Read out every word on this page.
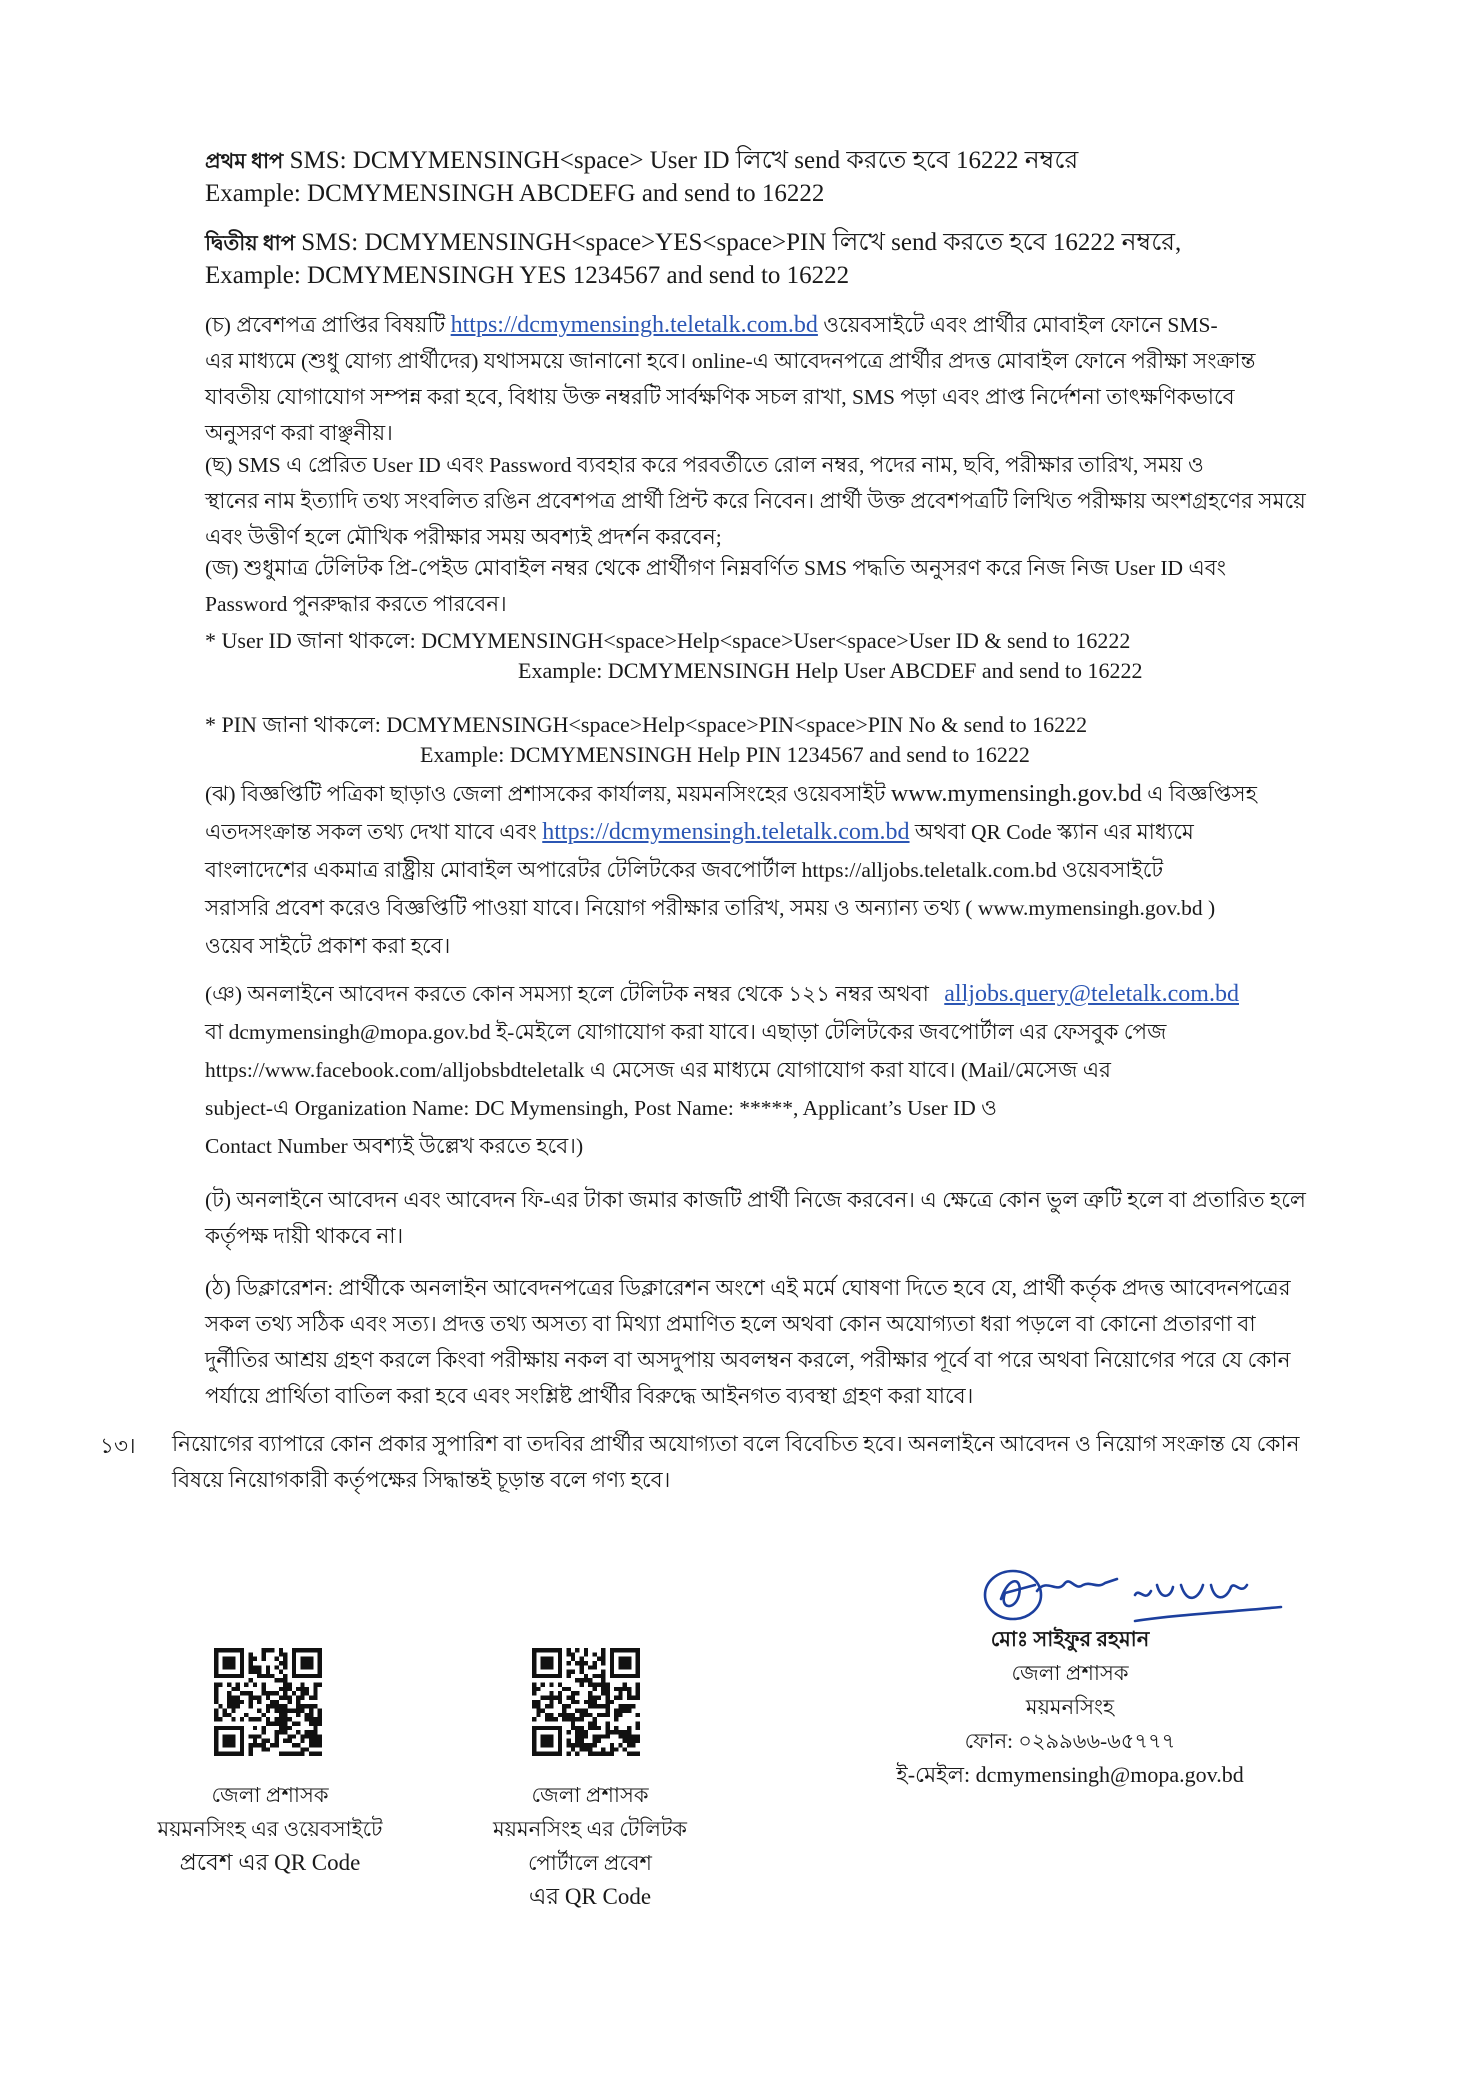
প্রথম ধাপ SMS: DCMYMENSINGH<space> User ID লিখে send করতে হবে 16222 নম্বরে
Example: DCMYMENSINGH ABCDEFG and send to 16222
দ্বিতীয় ধাপ SMS: DCMYMENSINGH<space>YES<space>PIN লিখে send করতে হবে 16222 নম্বরে,
Example: DCMYMENSINGH YES 1234567 and send to 16222
(চ) প্রবেশপত্র প্রাপ্তির বিষয়টি https://dcmymensingh.teletalk.com.bd ওয়েবসাইটে এবং প্রার্থীর মোবাইল ফোনে SMS-
এর মাধ্যমে (শুধু যোগ্য প্রার্থীদের) যথাসময়ে জানানো হবে। online-এ আবেদনপত্রে প্রার্থীর প্রদত্ত মোবাইল ফোনে পরীক্ষা সংক্রান্ত
যাবতীয় যোগাযোগ সম্পন্ন করা হবে, বিধায় উক্ত নম্বরটি সার্বক্ষণিক সচল রাখা, SMS পড়া এবং প্রাপ্ত নির্দেশনা তাৎক্ষণিকভাবে
অনুসরণ করা বাঞ্ছনীয়।
(ছ) SMS এ প্রেরিত User ID এবং Password ব্যবহার করে পরবর্তীতে রোল নম্বর, পদের নাম, ছবি, পরীক্ষার তারিখ, সময় ও
স্থানের নাম ইত্যাদি তথ্য সংবলিত রঙিন প্রবেশপত্র প্রার্থী প্রিন্ট করে নিবেন। প্রার্থী উক্ত প্রবেশপত্রটি লিখিত পরীক্ষায় অংশগ্রহণের সময়ে
এবং উত্তীর্ণ হলে মৌখিক পরীক্ষার সময় অবশ্যই প্রদর্শন করবেন;
(জ) শুধুমাত্র টেলিটক প্রি-পেইড মোবাইল নম্বর থেকে প্রার্থীগণ নিম্নবর্ণিত SMS পদ্ধতি অনুসরণ করে নিজ নিজ User ID এবং
Password পুনরুদ্ধার করতে পারবেন।
* User ID জানা থাকলে: DCMYMENSINGH<space>Help<space>User<space>User ID & send to 16222
Example: DCMYMENSINGH Help User ABCDEF and send to 16222
* PIN জানা থাকলে: DCMYMENSINGH<space>Help<space>PIN<space>PIN No & send to 16222
Example: DCMYMENSINGH Help PIN 1234567 and send to 16222
(ঝ) বিজ্ঞপ্তিটি পত্রিকা ছাড়াও জেলা প্রশাসকের কার্যালয়, ময়মনসিংহের ওয়েবসাইট www.mymensingh.gov.bd এ বিজ্ঞপ্তিসহ
এতদসংক্রান্ত সকল তথ্য দেখা যাবে এবং https://dcmymensingh.teletalk.com.bd অথবা QR Code স্ক্যান এর মাধ্যমে
বাংলাদেশের একমাত্র রাষ্ট্রীয় মোবাইল অপারেটর টেলিটকের জবপোর্টাল https://alljobs.teletalk.com.bd ওয়েবসাইটে
সরাসরি প্রবেশ করেও বিজ্ঞপ্তিটি পাওয়া যাবে। নিয়োগ পরীক্ষার তারিখ, সময় ও অন্যান্য তথ্য ( www.mymensingh.gov.bd )
ওয়েব সাইটে প্রকাশ করা হবে।
(ঞ) অনলাইনে আবেদন করতে কোন সমস্যা হলে টেলিটক নম্বর থেকে ১২১ নম্বর অথবা alljobs.query@teletalk.com.bd
বা dcmymensingh@mopa.gov.bd ই-মেইলে যোগাযোগ করা যাবে। এছাড়া টেলিটকের জবপোর্টাল এর ফেসবুক পেজ
https://www.facebook.com/alljobsbdteletalk এ মেসেজ এর মাধ্যমে যোগাযোগ করা যাবে। (Mail/মেসেজ এর
subject-এ Organization Name: DC Mymensingh, Post Name: *****, Applicant’s User ID ও
Contact Number অবশ্যই উল্লেখ করতে হবে।)
(ট) অনলাইনে আবেদন এবং আবেদন ফি-এর টাকা জমার কাজটি প্রার্থী নিজে করবেন। এ ক্ষেত্রে কোন ভুল ত্রুটি হলে বা প্রতারিত হলে
কর্তৃপক্ষ দায়ী থাকবে না।
(ঠ) ডিক্লারেশন: প্রার্থীকে অনলাইন আবেদনপত্রের ডিক্লারেশন অংশে এই মর্মে ঘোষণা দিতে হবে যে, প্রার্থী কর্তৃক প্রদত্ত আবেদনপত্রের
সকল তথ্য সঠিক এবং সত্য। প্রদত্ত তথ্য অসত্য বা মিথ্যা প্রমাণিত হলে অথবা কোন অযোগ্যতা ধরা পড়লে বা কোনো প্রতারণা বা
দুর্নীতির আশ্রয় গ্রহণ করলে কিংবা পরীক্ষায় নকল বা অসদুপায় অবলম্বন করলে, পরীক্ষার পূর্বে বা পরে অথবা নিয়োগের পরে যে কোন
পর্যায়ে প্রার্থিতা বাতিল করা হবে এবং সংশ্লিষ্ট প্রার্থীর বিরুদ্ধে আইনগত ব্যবস্থা গ্রহণ করা যাবে।
১৩। নিয়োগের ব্যাপারে কোন প্রকার সুপারিশ বা তদবির প্রার্থীর অযোগ্যতা বলে বিবেচিত হবে। অনলাইনে আবেদন ও নিয়োগ সংক্রান্ত যে কোন
বিষয়ে নিয়োগকারী কর্তৃপক্ষের সিদ্ধান্তই চূড়ান্ত বলে গণ্য হবে।
মোঃ সাইফুর রহমান
জেলা প্রশাসক
ময়মনসিংহ
ফোন: ০২৯৯৬৬-৬৫৭৭৭
ই-মেইল: dcmymensingh@mopa.gov.bd
জেলা প্রশাসক
ময়মনসিংহ এর ওয়েবসাইটে
প্রবেশ এর QR Code
জেলা প্রশাসক
ময়মনসিংহ এর টেলিটক
পোর্টালে প্রবেশ
এর QR Code
